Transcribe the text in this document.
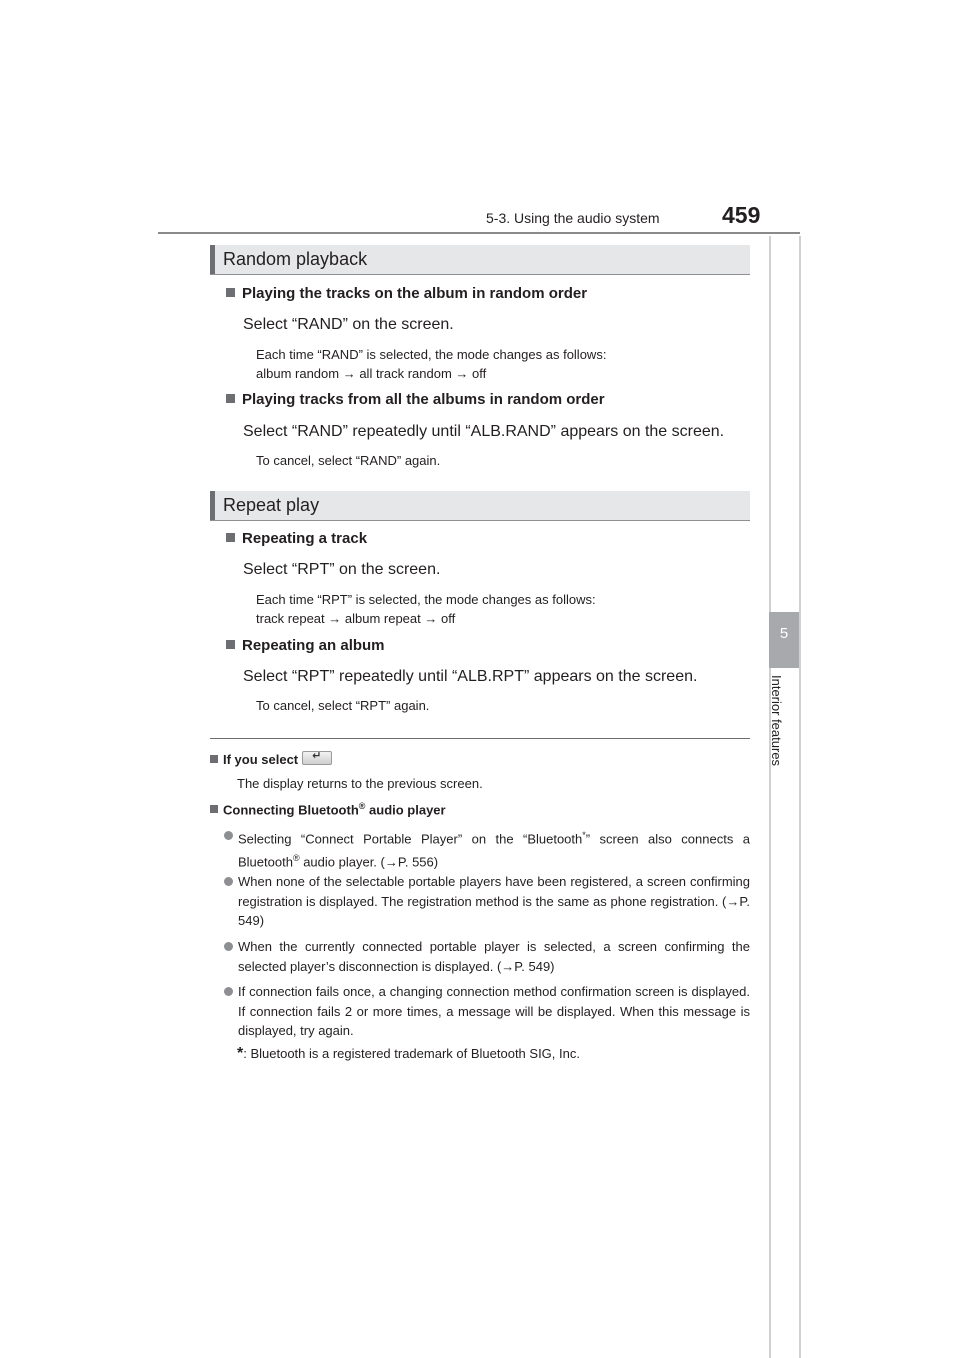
5-3. Using the audio system	459
5
Interior features
Random playback
Playing the tracks on the album in random order
Select “RAND” on the screen.
Each time “RAND” is selected, the mode changes as follows:
album random → all track random → off
Playing tracks from all the albums in random order
Select “RAND” repeatedly until “ALB.RAND” appears on the screen.
To cancel, select “RAND” again.
Repeat play
Repeating a track
Select “RPT” on the screen.
Each time “RPT” is selected, the mode changes as follows:
track repeat → album repeat → off
Repeating an album
Select “RPT” repeatedly until “ALB.RPT” appears on the screen.
To cancel, select “RPT” again.
If you select↵
The display returns to the previous screen.
Connecting Bluetooth® audio player
Selecting “Connect Portable Player” on the “Bluetooth*” screen also connects a Bluetooth® audio player. (→P. 556)
When none of the selectable portable players have been registered, a screen confirming registration is displayed. The registration method is the same as phone registration. (→P. 549)
When the currently connected portable player is selected, a screen confirming the selected player’s disconnection is displayed. (→P. 549)
If connection fails once, a changing connection method confirmation screen is displayed. If connection fails 2 or more times, a message will be displayed. When this message is displayed, try again.
*: Bluetooth is a registered trademark of Bluetooth SIG, Inc.
